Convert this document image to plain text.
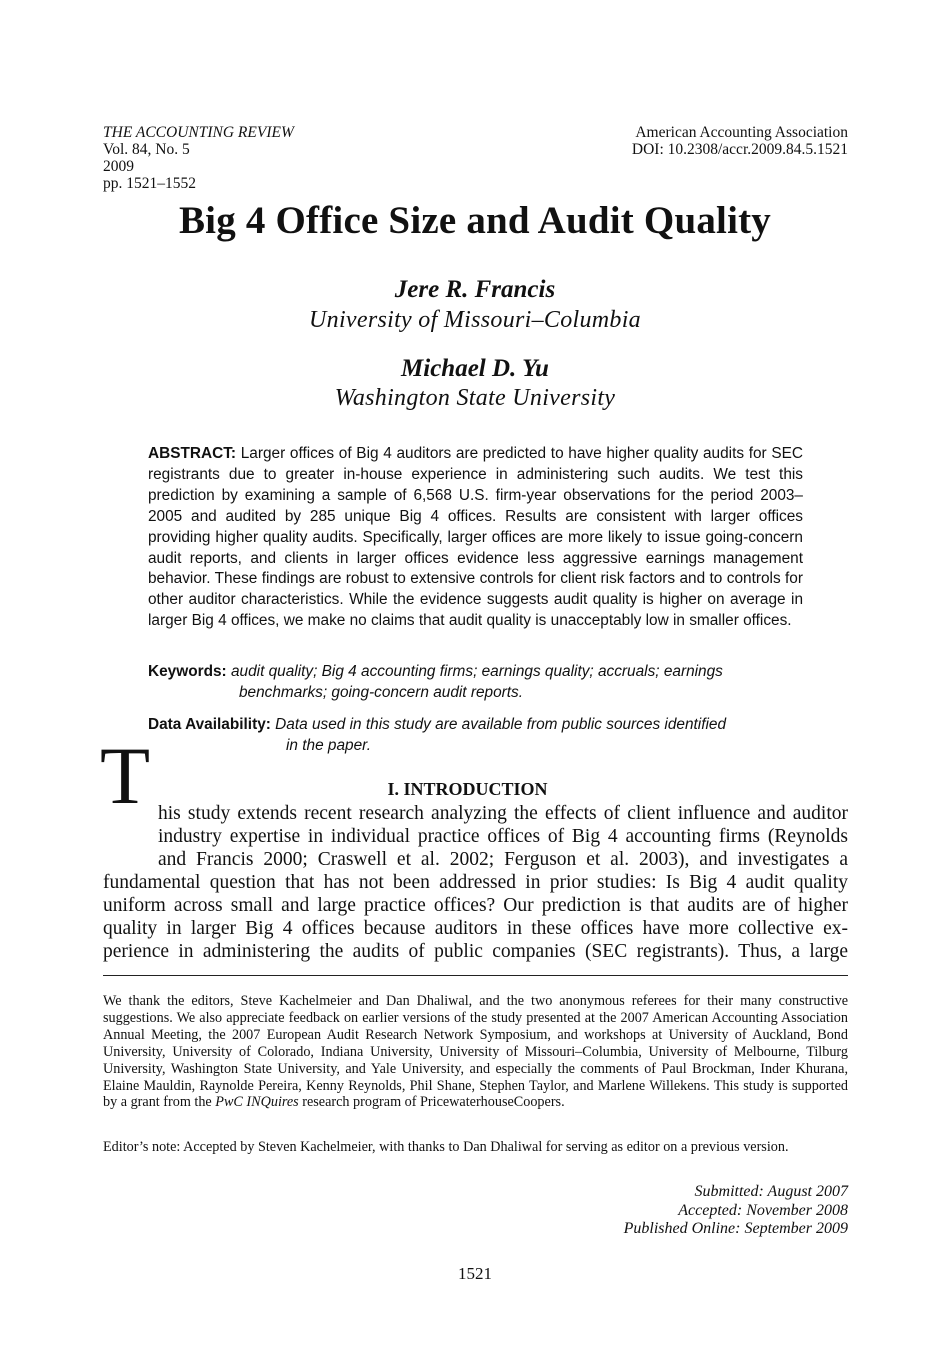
THE ACCOUNTING REVIEW
Vol. 84, No. 5
2009
pp. 1521–1552
American Accounting Association
DOI: 10.2308/accr.2009.84.5.1521
Big 4 Office Size and Audit Quality
Jere R. Francis
University of Missouri–Columbia
Michael D. Yu
Washington State University
ABSTRACT: Larger offices of Big 4 auditors are predicted to have higher quality audits for SEC registrants due to greater in-house experience in administering such audits. We test this prediction by examining a sample of 6,568 U.S. firm-year observations for the period 2003–2005 and audited by 285 unique Big 4 offices. Results are consistent with larger offices providing higher quality audits. Specifically, larger offices are more likely to issue going-concern audit reports, and clients in larger offices evidence less aggressive earnings management behavior. These findings are robust to extensive controls for client risk factors and to controls for other auditor characteristics. While the evidence suggests audit quality is higher on average in larger Big 4 offices, we make no claims that audit quality is unacceptably low in smaller offices.
Keywords: audit quality; Big 4 accounting firms; earnings quality; accruals; earnings
benchmarks; going-concern audit reports.
Data Availability: Data used in this study are available from public sources identified
in the paper.
T	I. INTRODUCTION
his study extends recent research analyzing the effects of client influence and auditor
industry expertise in individual practice offices of Big 4 accounting firms (Reynolds
and Francis 2000; Craswell et al. 2002; Ferguson et al. 2003), and investigates a
fundamental question that has not been addressed in prior studies: Is Big 4 audit quality
uniform across small and large practice offices? Our prediction is that audits are of higher
quality in larger Big 4 offices because auditors in these offices have more collective ex-
perience in administering the audits of public companies (SEC registrants). Thus, a large
We thank the editors, Steve Kachelmeier and Dan Dhaliwal, and the two anonymous referees for their many constructive suggestions. We also appreciate feedback on earlier versions of the study presented at the 2007 American Accounting Association Annual Meeting, the 2007 European Audit Research Network Symposium, and workshops at University of Auckland, Bond University, University of Colorado, Indiana University, University of Missouri–Columbia, University of Melbourne, Tilburg University, Washington State University, and Yale University, and especially the comments of Paul Brockman, Inder Khurana, Elaine Mauldin, Raynolde Pereira, Kenny Reynolds, Phil Shane, Stephen Taylor, and Marlene Willekens. This study is supported by a grant from the PwC INQuires research program of PricewaterhouseCoopers.
Editor’s note: Accepted by Steven Kachelmeier, with thanks to Dan Dhaliwal for serving as editor on a previous version.
Submitted: August 2007
Accepted: November 2008
Published Online: September 2009
1521
